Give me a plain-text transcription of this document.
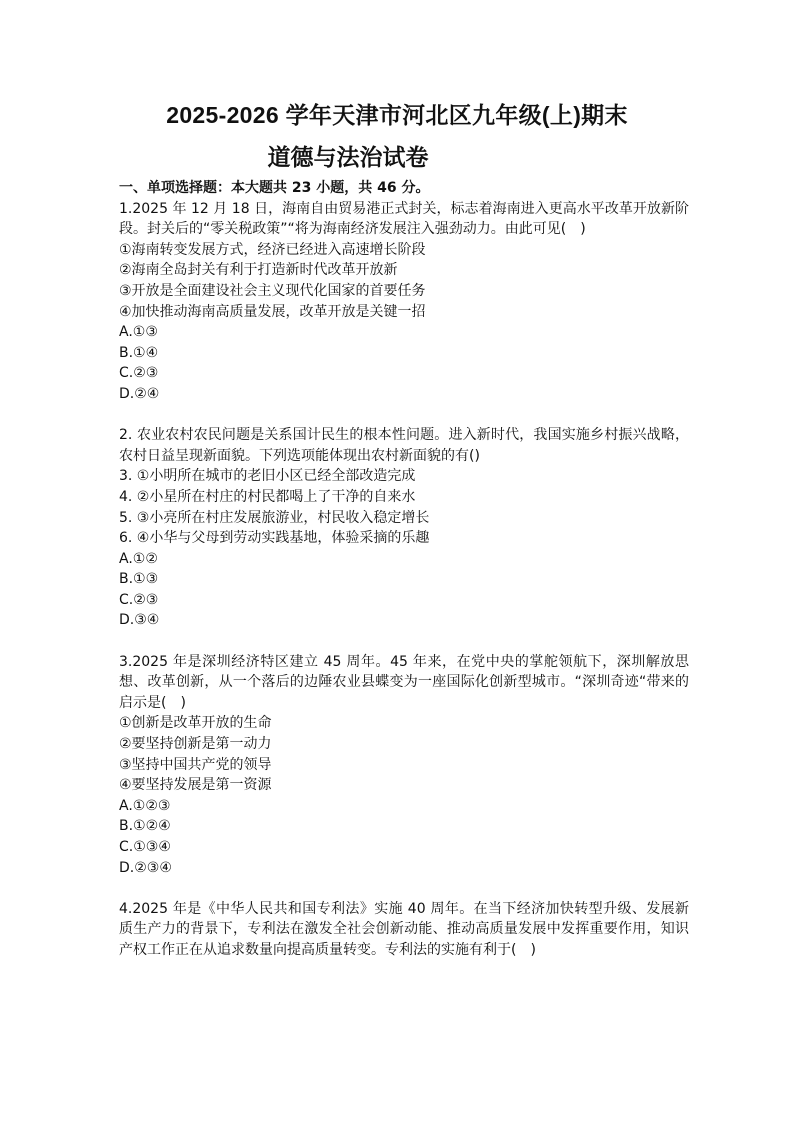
2025-2026 学年天津市河北区九年级(上)期末
道德与法治试卷

一、单项选择题：本大题共 23 小题，共 46 分。

1.2025 年 12 月 18 日，海南自由贸易港正式封关，标志着海南进入更高水平改革开放新阶段。封关后的“零关税政策”“将为海南经济发展注入强劲动力。由此可见(　)

①海南转变发展方式，经济已经进入高速增长阶段

②海南全岛封关有利于打造新时代改革开放新

③开放是全面建设社会主义现代化国家的首要任务

④加快推动海南高质量发展，改革开放是关键一招

A.①③

B.①④

C.②③

D.②④

2. 农业农村农民问题是关系国计民生的根本性问题。进入新时代，我国实施乡村振兴战略，农村日益呈现新面貌。下列选项能体现出农村新面貌的有()

3. ①小明所在城市的老旧小区已经全部改造完成

4. ②小星所在村庄的村民都喝上了干净的自来水

5. ③小亮所在村庄发展旅游业，村民收入稳定增长

6. ④小华与父母到劳动实践基地，体验采摘的乐趣

A.①②

B.①③

C.②③

D.③④

3.2025 年是深圳经济特区建立 45 周年。45 年来，在党中央的掌舵领航下，深圳解放思想、改革创新，从一个落后的边陲农业县蝶变为一座国际化创新型城市。“深圳奇迹“带来的启示是(　)

①创新是改革开放的生命

②要坚持创新是第一动力

③坚持中国共产党的领导

④要坚持发展是第一资源

A.①②③

B.①②④

C.①③④

D.②③④

4.2025 年是《中华人民共和国专利法》实施 40 周年。在当下经济加快转型升级、发展新质生产力的背景下，专利法在激发全社会创新动能、推动高质量发展中发挥重要作用，知识产权工作正在从追求数量向提高质量转变。专利法的实施有利于(　)
